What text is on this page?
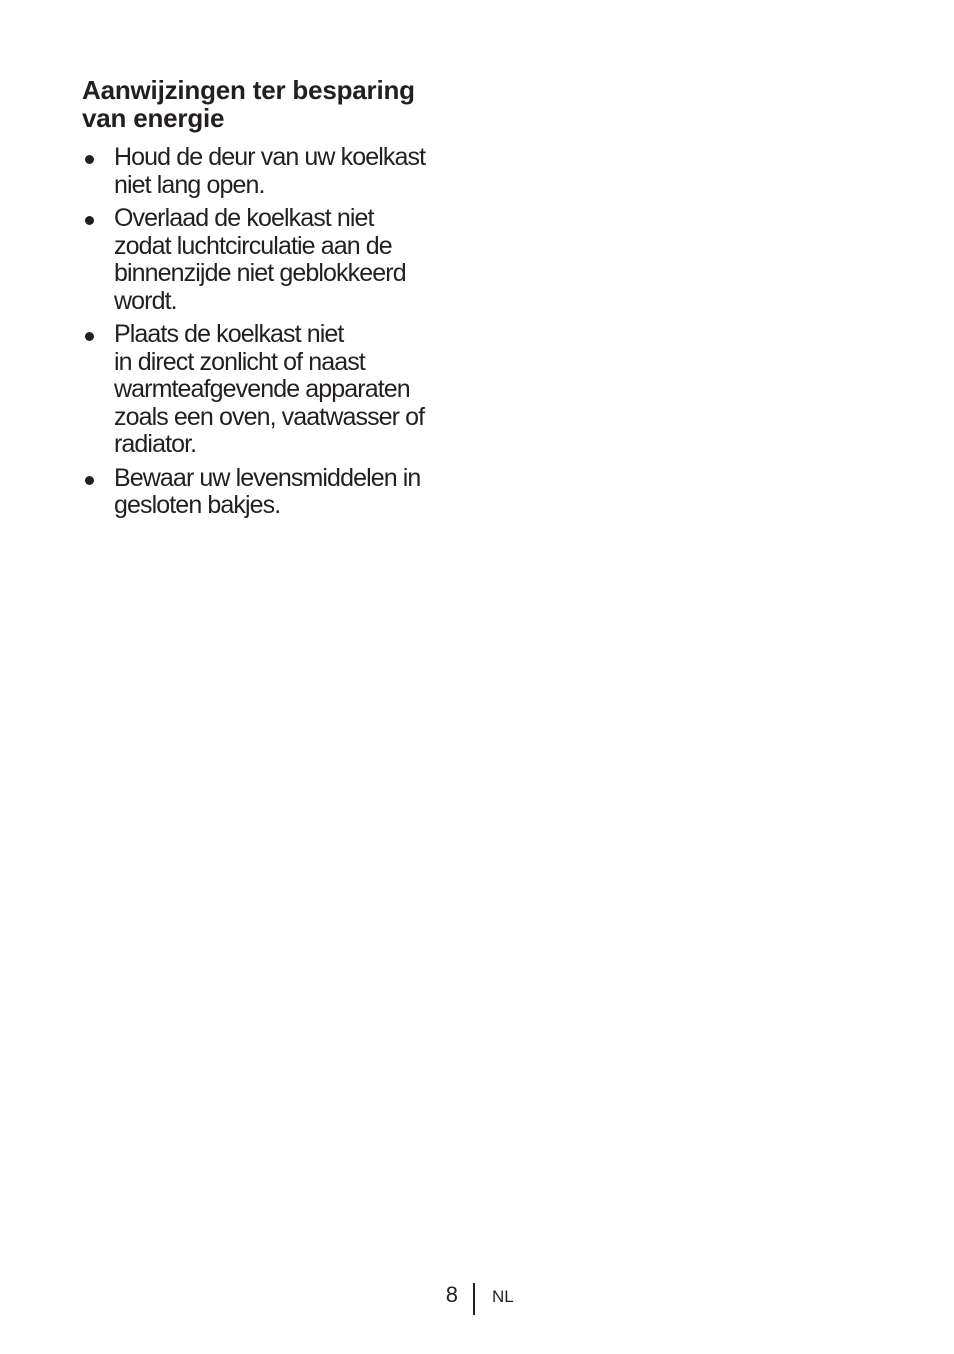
Aanwijzingen ter besparing
van energie
Houd de deur van uw koelkast
niet lang open.
Overlaad de koelkast niet
zodat luchtcirculatie aan de
binnenzijde niet geblokkeerd
wordt.
Plaats de koelkast niet
in direct zonlicht of naast
warmteafgevende apparaten
zoals een oven, vaatwasser of
radiator.
Bewaar uw levensmiddelen in
gesloten bakjes.
8 NL
